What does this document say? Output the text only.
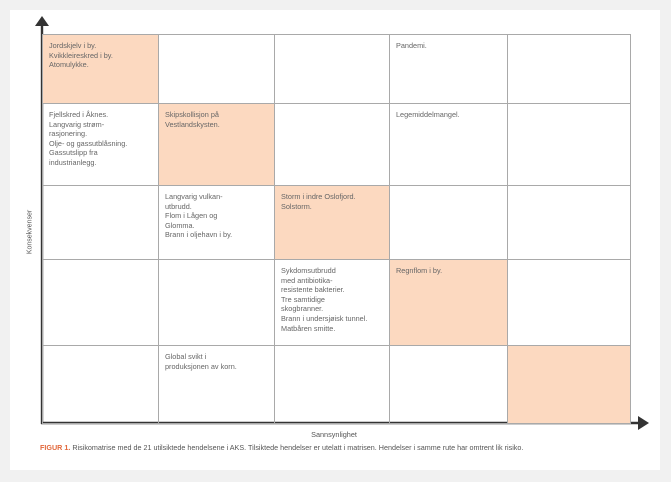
Jordskjelv i by.
Kvikkleireskred i by.
Atomulykke.
Pandemi.
Fjellskred i Åknes.
Langvarig strøm-
rasjonering.
Olje- og gassutblåsning.
Gassutslipp fra
industrianlegg.
Skipskollisjon på
Vestlandskysten.
Legemiddelmangel.
Langvarig vulkan-
utbrudd.
Flom i Lågen og
Glomma.
Brann i oljehavn i by.
Storm i indre Oslofjord.
Solstorm.
Sykdomsutbrudd
med antibiotika-
resistente bakterier.
Tre samtidige
skogbranner.
Brann i undersjøisk tunnel.
Matbåren smitte.
Regnflom i by.
Global svikt i
produksjonen av korn.
Konsekvenser
Sannsynlighet
FIGUR 1. Risikomatrise med de 21 utilsiktede hendelsene i AKS. Tilsiktede hendelser er utelatt i matrisen. Hendelser i samme rute har omtrent lik risiko.
